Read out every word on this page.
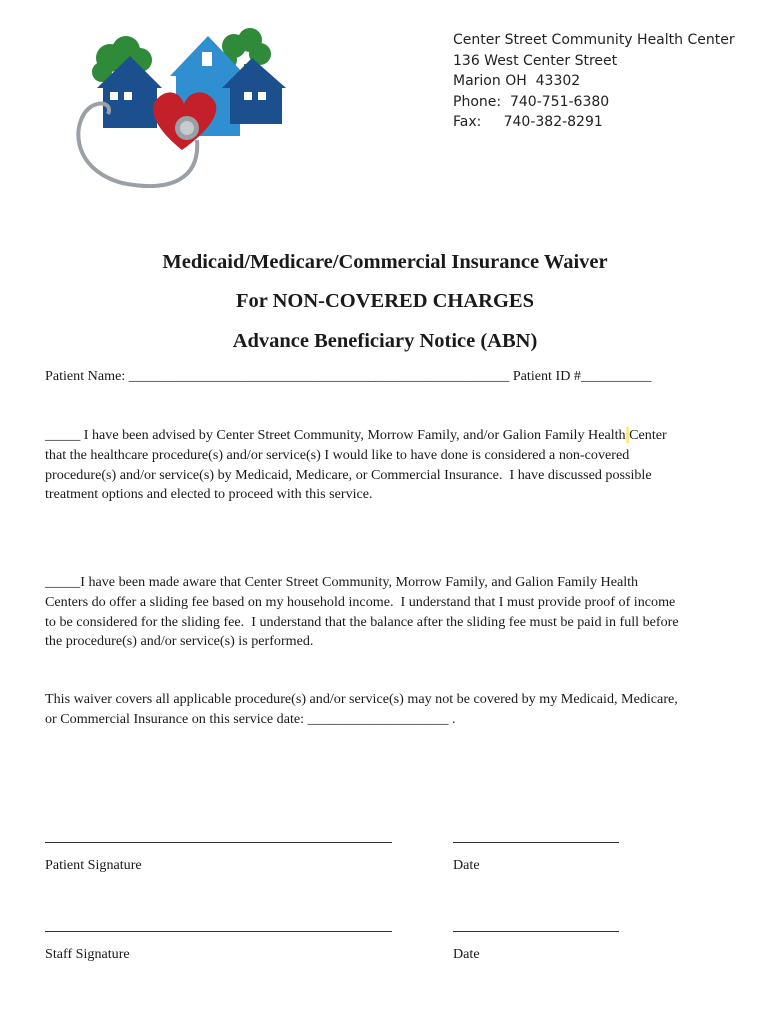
Center Street Community Health Center
136 West Center Street
Marion OH  43302
Phone:  740-751-6380
Fax:     740-382-8291
Medicaid/Medicare/Commercial Insurance Waiver
For NON-COVERED CHARGES
Advance Beneficiary Notice (ABN)
Patient Name: ______________________________________________________ Patient ID #__________
_____ I have been advised by Center Street Community, Morrow Family, and/or Galion Family Health Center
that the healthcare procedure(s) and/or service(s) I would like to have done is considered a non-covered
procedure(s) and/or service(s) by Medicaid, Medicare, or Commercial Insurance.  I have discussed possible
treatment options and elected to proceed with this service.
_____I have been made aware that Center Street Community, Morrow Family, and Galion Family Health
Centers do offer a sliding fee based on my household income.  I understand that I must provide proof of income
to be considered for the sliding fee.  I understand that the balance after the sliding fee must be paid in full before
the procedure(s) and/or service(s) is performed.
This waiver covers all applicable procedure(s) and/or service(s) may not be covered by my Medicaid, Medicare,
or Commercial Insurance on this service date: ____________________ .
Patient Signature	Date
Staff Signature	Date
